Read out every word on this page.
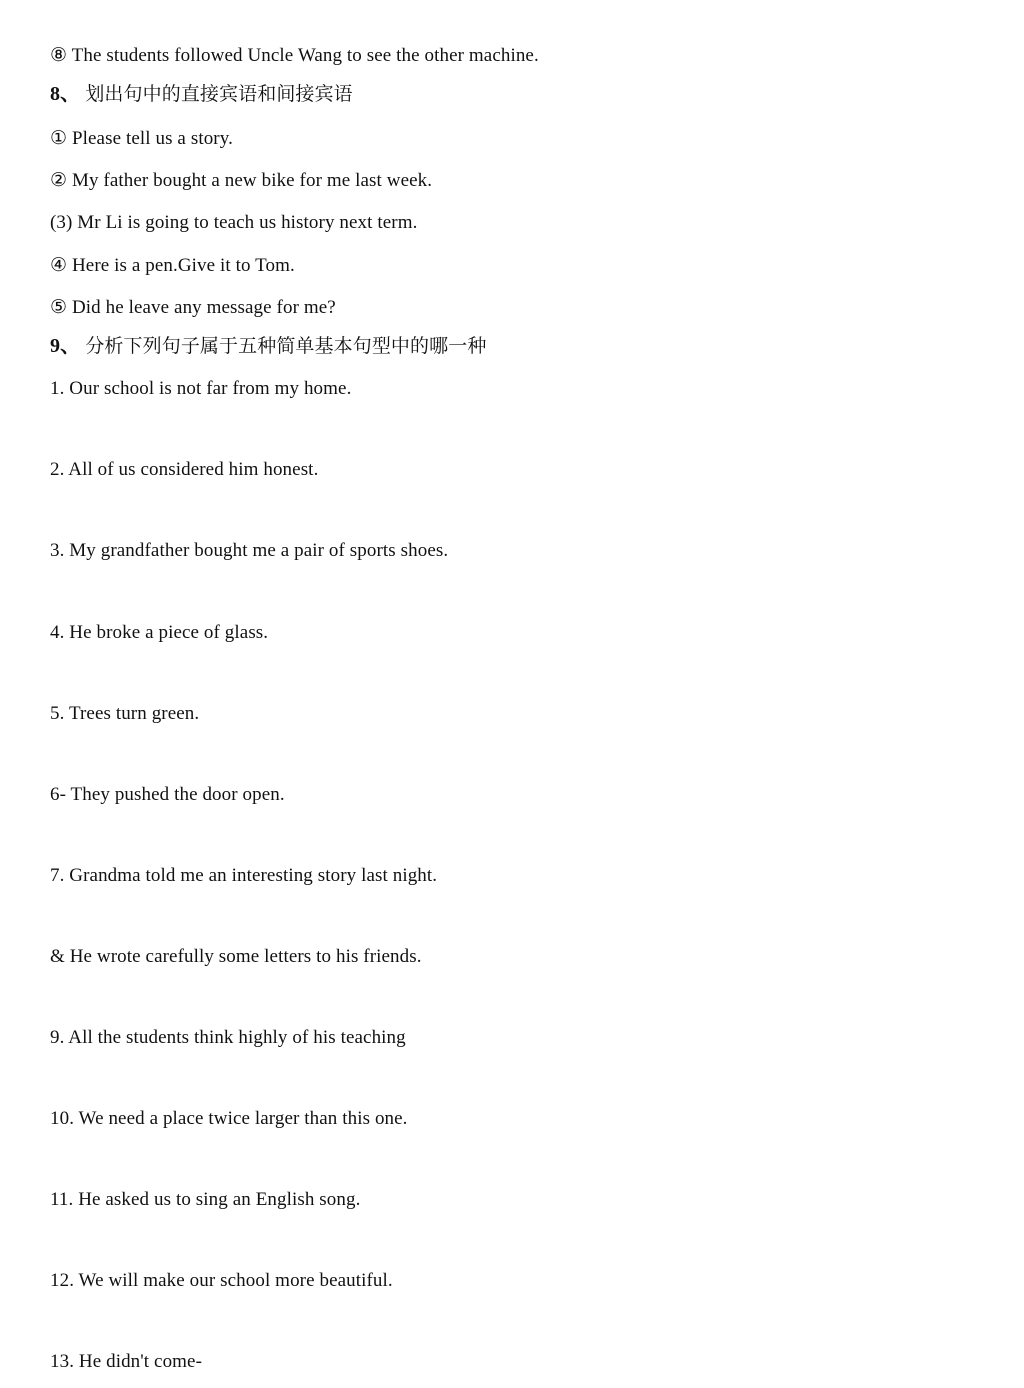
⑧ The students followed Uncle Wang to see the other machine.
8、 划出句中的直接宾语和间接宾语
① Please tell us a story.
② My father bought a new bike for me last week.
(3) Mr Li is going to teach us history next term.
④ Here is a pen.Give it to Tom.
⑤ Did he leave any message for me?
9、 分析下列句子属于五种简单基本句型中的哪一种
1. Our school is not far from my home.
2. All of us considered him honest.
3. My grandfather bought me a pair of sports shoes.
4. He broke a piece of glass.
5. Trees turn green.
6- They pushed the door open.
7. Grandma told me an interesting story last night.
& He wrote carefully some letters to his friends.
9. All the students think highly of his teaching
10. We need a place twice larger than this one.
11. He asked us to sing an English song.
12. We will make our school more beautiful.
13. He didn't come-
